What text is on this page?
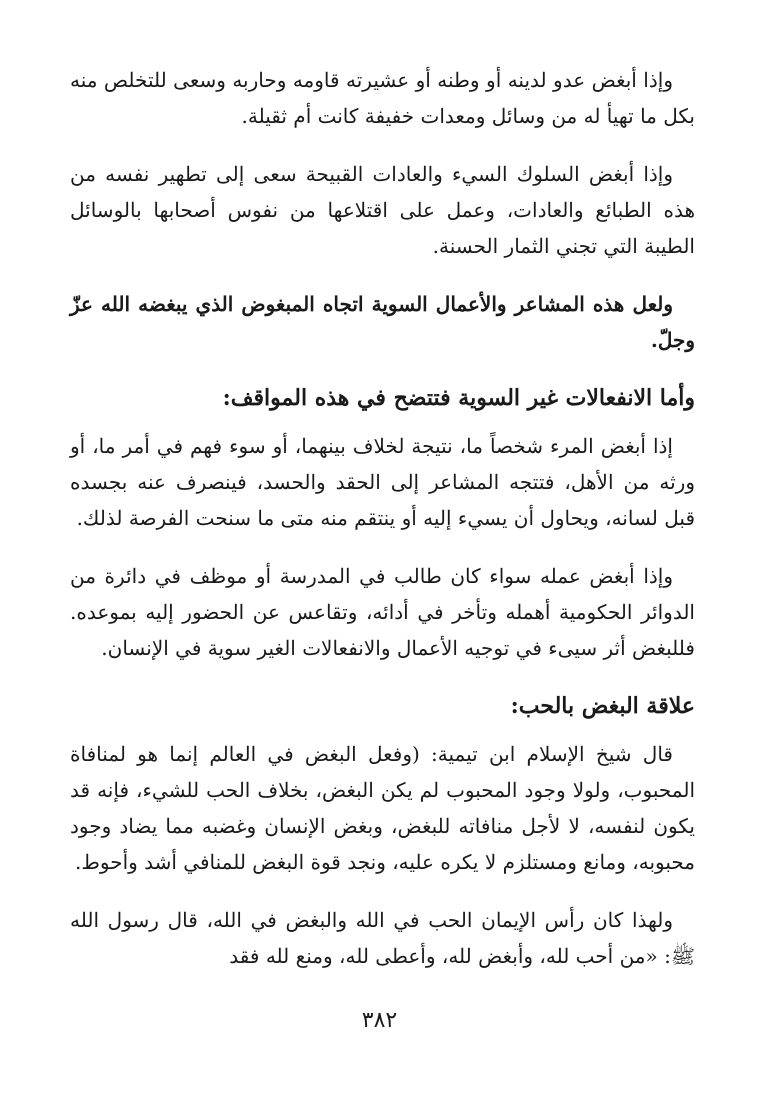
وإذا أبغض عدو لدينه أو وطنه أو عشيرته قاومه وحاربه وسعى للتخلص منه بكل ما تهيأ له من وسائل ومعدات خفيفة كانت أم ثقيلة.

وإذا أبغض السلوك السيء والعادات القبيحة سعى إلى تطهير نفسه من هذه الطبائع والعادات، وعمل على اقتلاعها من نفوس أصحابها بالوسائل الطيبة التي تجني الثمار الحسنة.

ولعل هذه المشاعر والأعمال السوية اتجاه المبغوض الذي يبغضه الله عزّ وجلّ.

وأما الانفعالات غير السوية فتتضح في هذه المواقف:

إذا أبغض المرء شخصاً ما، نتيجة لخلاف بينهما، أو سوء فهم في أمر ما، أو ورثه من الأهل، فتتجه المشاعر إلى الحقد والحسد، فينصرف عنه بجسده قبل لسانه، ويحاول أن يسيء إليه أو ينتقم منه متى ما سنحت الفرصة لذلك.

وإذا أبغض عمله سواء كان طالب في المدرسة أو موظف في دائرة من الدوائر الحكومية أهمله وتأخر في أدائه، وتقاعس عن الحضور إليه بموعده. فللبغض أثر سيىء في توجيه الأعمال والانفعالات الغير سوية في الإنسان.

علاقة البغض بالحب:

قال شيخ الإسلام ابن تيمية: (وفعل البغض في العالم إنما هو لمنافاة المحبوب، ولولا وجود المحبوب لم يكن البغض، بخلاف الحب للشيء، فإنه قد يكون لنفسه، لا لأجل منافاته للبغض، وبغض الإنسان وغضبه مما يضاد وجود محبوبه، ومانع ومستلزم لا يكره عليه، ونجد قوة البغض للمنافي أشد وأحوط.

ولهذا كان رأس الإيمان الحب في الله والبغض في الله، قال رسول الله ﷺ: «من أحب لله، وأبغض لله، وأعطى لله، ومنع لله فقد

٣٨٢
